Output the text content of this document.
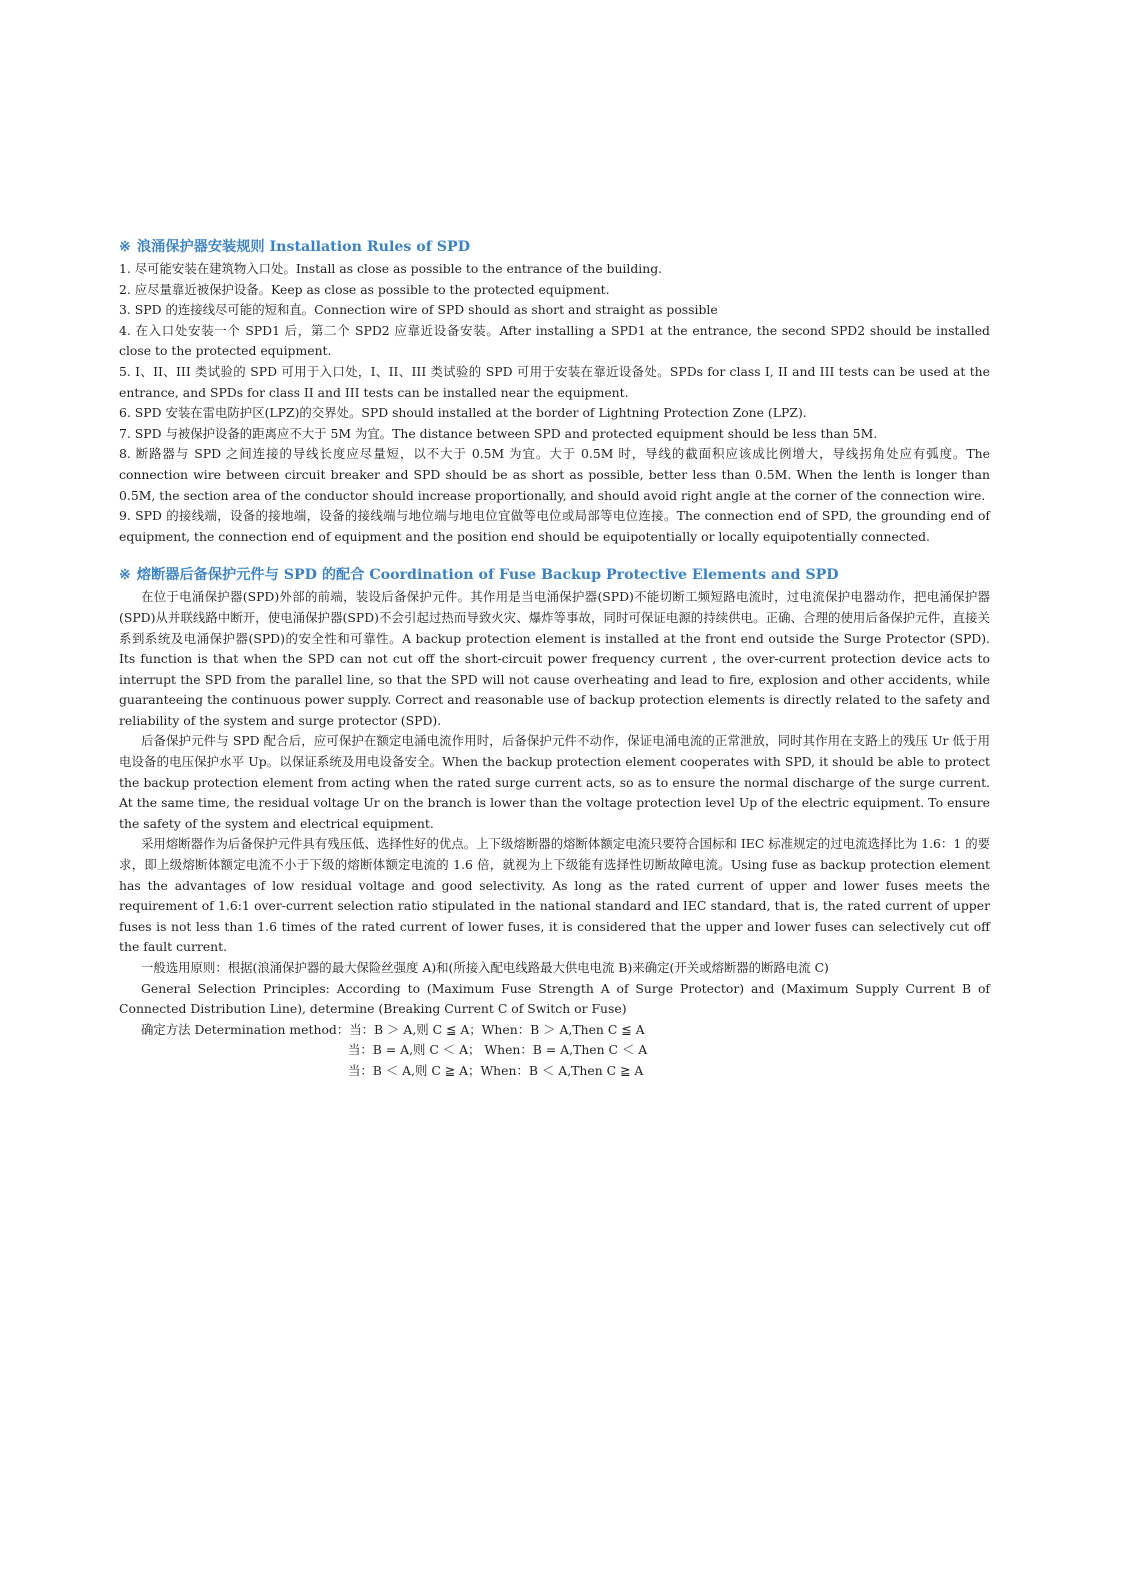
※ 浪涌保护器安装规则 Installation Rules of SPD

1. 尽可能安装在建筑物入口处。Install as close as possible to the entrance of the building.

2. 应尽量靠近被保护设备。Keep as close as possible to the protected equipment.

3. SPD 的连接线尽可能的短和直。Connection wire of SPD should as short and straight as possible

4. 在入口处安装一个 SPD1 后，第二个 SPD2 应靠近设备安装。After installing a SPD1 at the entrance, the second SPD2 should be installed close to the protected equipment.

5. I、II、III 类试验的 SPD 可用于入口处，I、II、III 类试验的 SPD 可用于安装在靠近设备处。SPDs for class I, II and III tests can be used at the entrance, and SPDs for class II and III tests can be installed near the equipment.

6. SPD 安装在雷电防护区(LPZ)的交界处。SPD should installed at the border of Lightning Protection Zone (LPZ).

7. SPD 与被保护设备的距离应不大于 5M 为宜。The distance between SPD and protected equipment should be less than 5M.

8. 断路器与 SPD 之间连接的导线长度应尽量短，以不大于 0.5M 为宜。大于 0.5M 时，导线的截面积应该成比例增大，导线拐角处应有弧度。The connection wire between circuit breaker and SPD should be as short as possible, better less than 0.5M. When the lenth is longer than 0.5M, the section area of the conductor should increase proportionally, and should avoid right angle at the corner of the connection wire.

9. SPD 的接线端，设备的接地端，设备的接线端与地位端与地电位宜做等电位或局部等电位连接。The connection end of SPD, the grounding end of equipment, the connection end of equipment and the position end should be equipotentially or locally equipotentially connected.

※ 熔断器后备保护元件与 SPD 的配合 Coordination of Fuse Backup Protective Elements and SPD

在位于电涌保护器(SPD)外部的前端，装设后备保护元件。其作用是当电涌保护器(SPD)不能切断工频短路电流时，过电流保护电器动作，把电涌保护器(SPD)从并联线路中断开，使电涌保护器(SPD)不会引起过热而导致火灾、爆炸等事故，同时可保证电源的持续供电。正确、合理的使用后备保护元件，直接关系到系统及电涌保护器(SPD)的安全性和可靠性。A backup protection element is installed at the front end outside the Surge Protector (SPD). Its function is that when the SPD can not cut off the short-circuit power frequency current , the over-current protection device acts to interrupt the SPD from the parallel line, so that the SPD will not cause overheating and lead to fire, explosion and other accidents, while guaranteeing the continuous power supply. Correct and reasonable use of backup protection elements is directly related to the safety and reliability of the system and surge protector (SPD).

后备保护元件与 SPD 配合后，应可保护在额定电涌电流作用时，后备保护元件不动作，保证电涌电流的正常泄放，同时其作用在支路上的残压 Ur 低于用电设备的电压保护水平 Up。以保证系统及用电设备安全。When the backup protection element cooperates with SPD, it should be able to protect the backup protection element from acting when the rated surge current acts, so as to ensure the normal discharge of the surge current. At the same time, the residual voltage Ur on the branch is lower than the voltage protection level Up of the electric equipment. To ensure the safety of the system and electrical equipment.

采用熔断器作为后备保护元件具有残压低、选择性好的优点。上下级熔断器的熔断体额定电流只要符合国标和 IEC 标准规定的过电流选择比为 1.6：1 的要求，即上级熔断体额定电流不小于下级的熔断体额定电流的 1.6 倍，就视为上下级能有选择性切断故障电流。Using fuse as backup protection element has the advantages of low residual voltage and good selectivity. As long as the rated current of upper and lower fuses meets the requirement of 1.6:1 over-current selection ratio stipulated in the national standard and IEC standard, that is, the rated current of upper fuses is not less than 1.6 times of the rated current of lower fuses, it is considered that the upper and lower fuses can selectively cut off the fault current.

一般选用原则：根据(浪涌保护器的最大保险丝强度 A)和(所接入配电线路最大供电电流 B)来确定(开关或熔断器的断路电流 C)

General Selection Principles: According to (Maximum Fuse Strength A of Surge Protector) and (Maximum Supply Current B of Connected Distribution Line), determine (Breaking Current C of Switch or Fuse)

确定方法 Determination method：当：B ＞ A,则 C ≦ A；When：B ＞ A,Then C ≦ A

当：B = A,则 C ＜ A； When：B = A,Then C ＜ A

当：B ＜ A,则 C ≧ A；When：B ＜ A,Then C ≧ A
